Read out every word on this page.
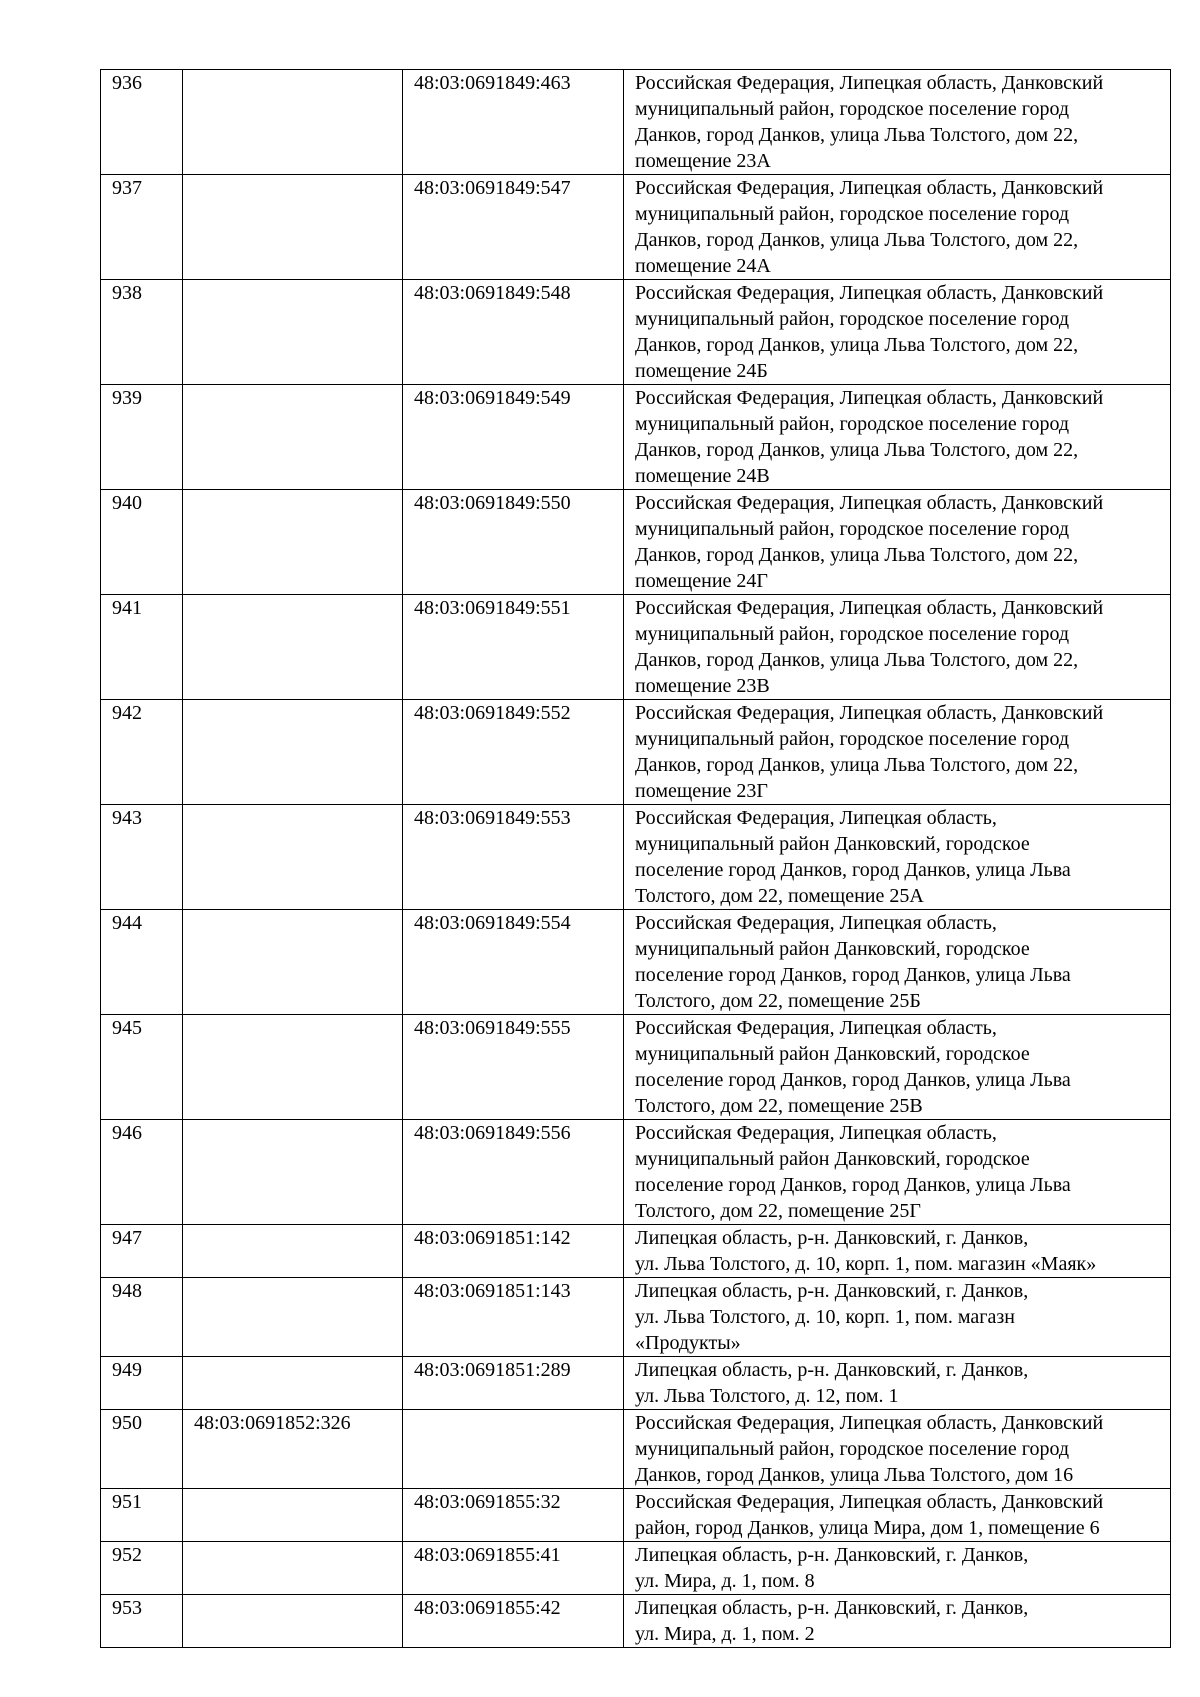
936		48:03:0691849:463	Российская Федерация, Липецкая область, Данковский
муниципальный район, городское поселение город
Данков, город Данков, улица Льва Толстого, дом 22,
помещение 23А
937		48:03:0691849:547	Российская Федерация, Липецкая область, Данковский
муниципальный район, городское поселение город
Данков, город Данков, улица Льва Толстого, дом 22,
помещение 24А
938		48:03:0691849:548	Российская Федерация, Липецкая область, Данковский
муниципальный район, городское поселение город
Данков, город Данков, улица Льва Толстого, дом 22,
помещение 24Б
939		48:03:0691849:549	Российская Федерация, Липецкая область, Данковский
муниципальный район, городское поселение город
Данков, город Данков, улица Льва Толстого, дом 22,
помещение 24В
940		48:03:0691849:550	Российская Федерация, Липецкая область, Данковский
муниципальный район, городское поселение город
Данков, город Данков, улица Льва Толстого, дом 22,
помещение 24Г
941		48:03:0691849:551	Российская Федерация, Липецкая область, Данковский
муниципальный район, городское поселение город
Данков, город Данков, улица Льва Толстого, дом 22,
помещение 23В
942		48:03:0691849:552	Российская Федерация, Липецкая область, Данковский
муниципальный район, городское поселение город
Данков, город Данков, улица Льва Толстого, дом 22,
помещение 23Г
943		48:03:0691849:553	Российская Федерация, Липецкая область,
муниципальный район Данковский, городское
поселение город Данков, город Данков, улица Льва
Толстого, дом 22, помещение 25А
944		48:03:0691849:554	Российская Федерация, Липецкая область,
муниципальный район Данковский, городское
поселение город Данков, город Данков, улица Льва
Толстого, дом 22, помещение 25Б
945		48:03:0691849:555	Российская Федерация, Липецкая область,
муниципальный район Данковский, городское
поселение город Данков, город Данков, улица Льва
Толстого, дом 22, помещение 25В
946		48:03:0691849:556	Российская Федерация, Липецкая область,
муниципальный район Данковский, городское
поселение город Данков, город Данков, улица Льва
Толстого, дом 22, помещение 25Г
947		48:03:0691851:142	Липецкая область, р-н. Данковский, г. Данков,
ул. Льва Толстого, д. 10, корп. 1, пом. магазин «Маяк»
948		48:03:0691851:143	Липецкая область, р-н. Данковский, г. Данков,
ул. Льва Толстого, д. 10, корп. 1, пом. магазн
«Продукты»
949		48:03:0691851:289	Липецкая область, р-н. Данковский, г. Данков,
ул. Льва Толстого, д. 12, пом. 1
950	48:03:0691852:326		Российская Федерация, Липецкая область, Данковский
муниципальный район, городское поселение город
Данков, город Данков, улица Льва Толстого, дом 16
951		48:03:0691855:32	Российская Федерация, Липецкая область, Данковский
район, город Данков, улица Мира, дом 1, помещение 6
952		48:03:0691855:41	Липецкая область, р-н. Данковский, г. Данков,
ул. Мира, д. 1, пом. 8
953		48:03:0691855:42	Липецкая область, р-н. Данковский, г. Данков,
ул. Мира, д. 1, пом. 2
